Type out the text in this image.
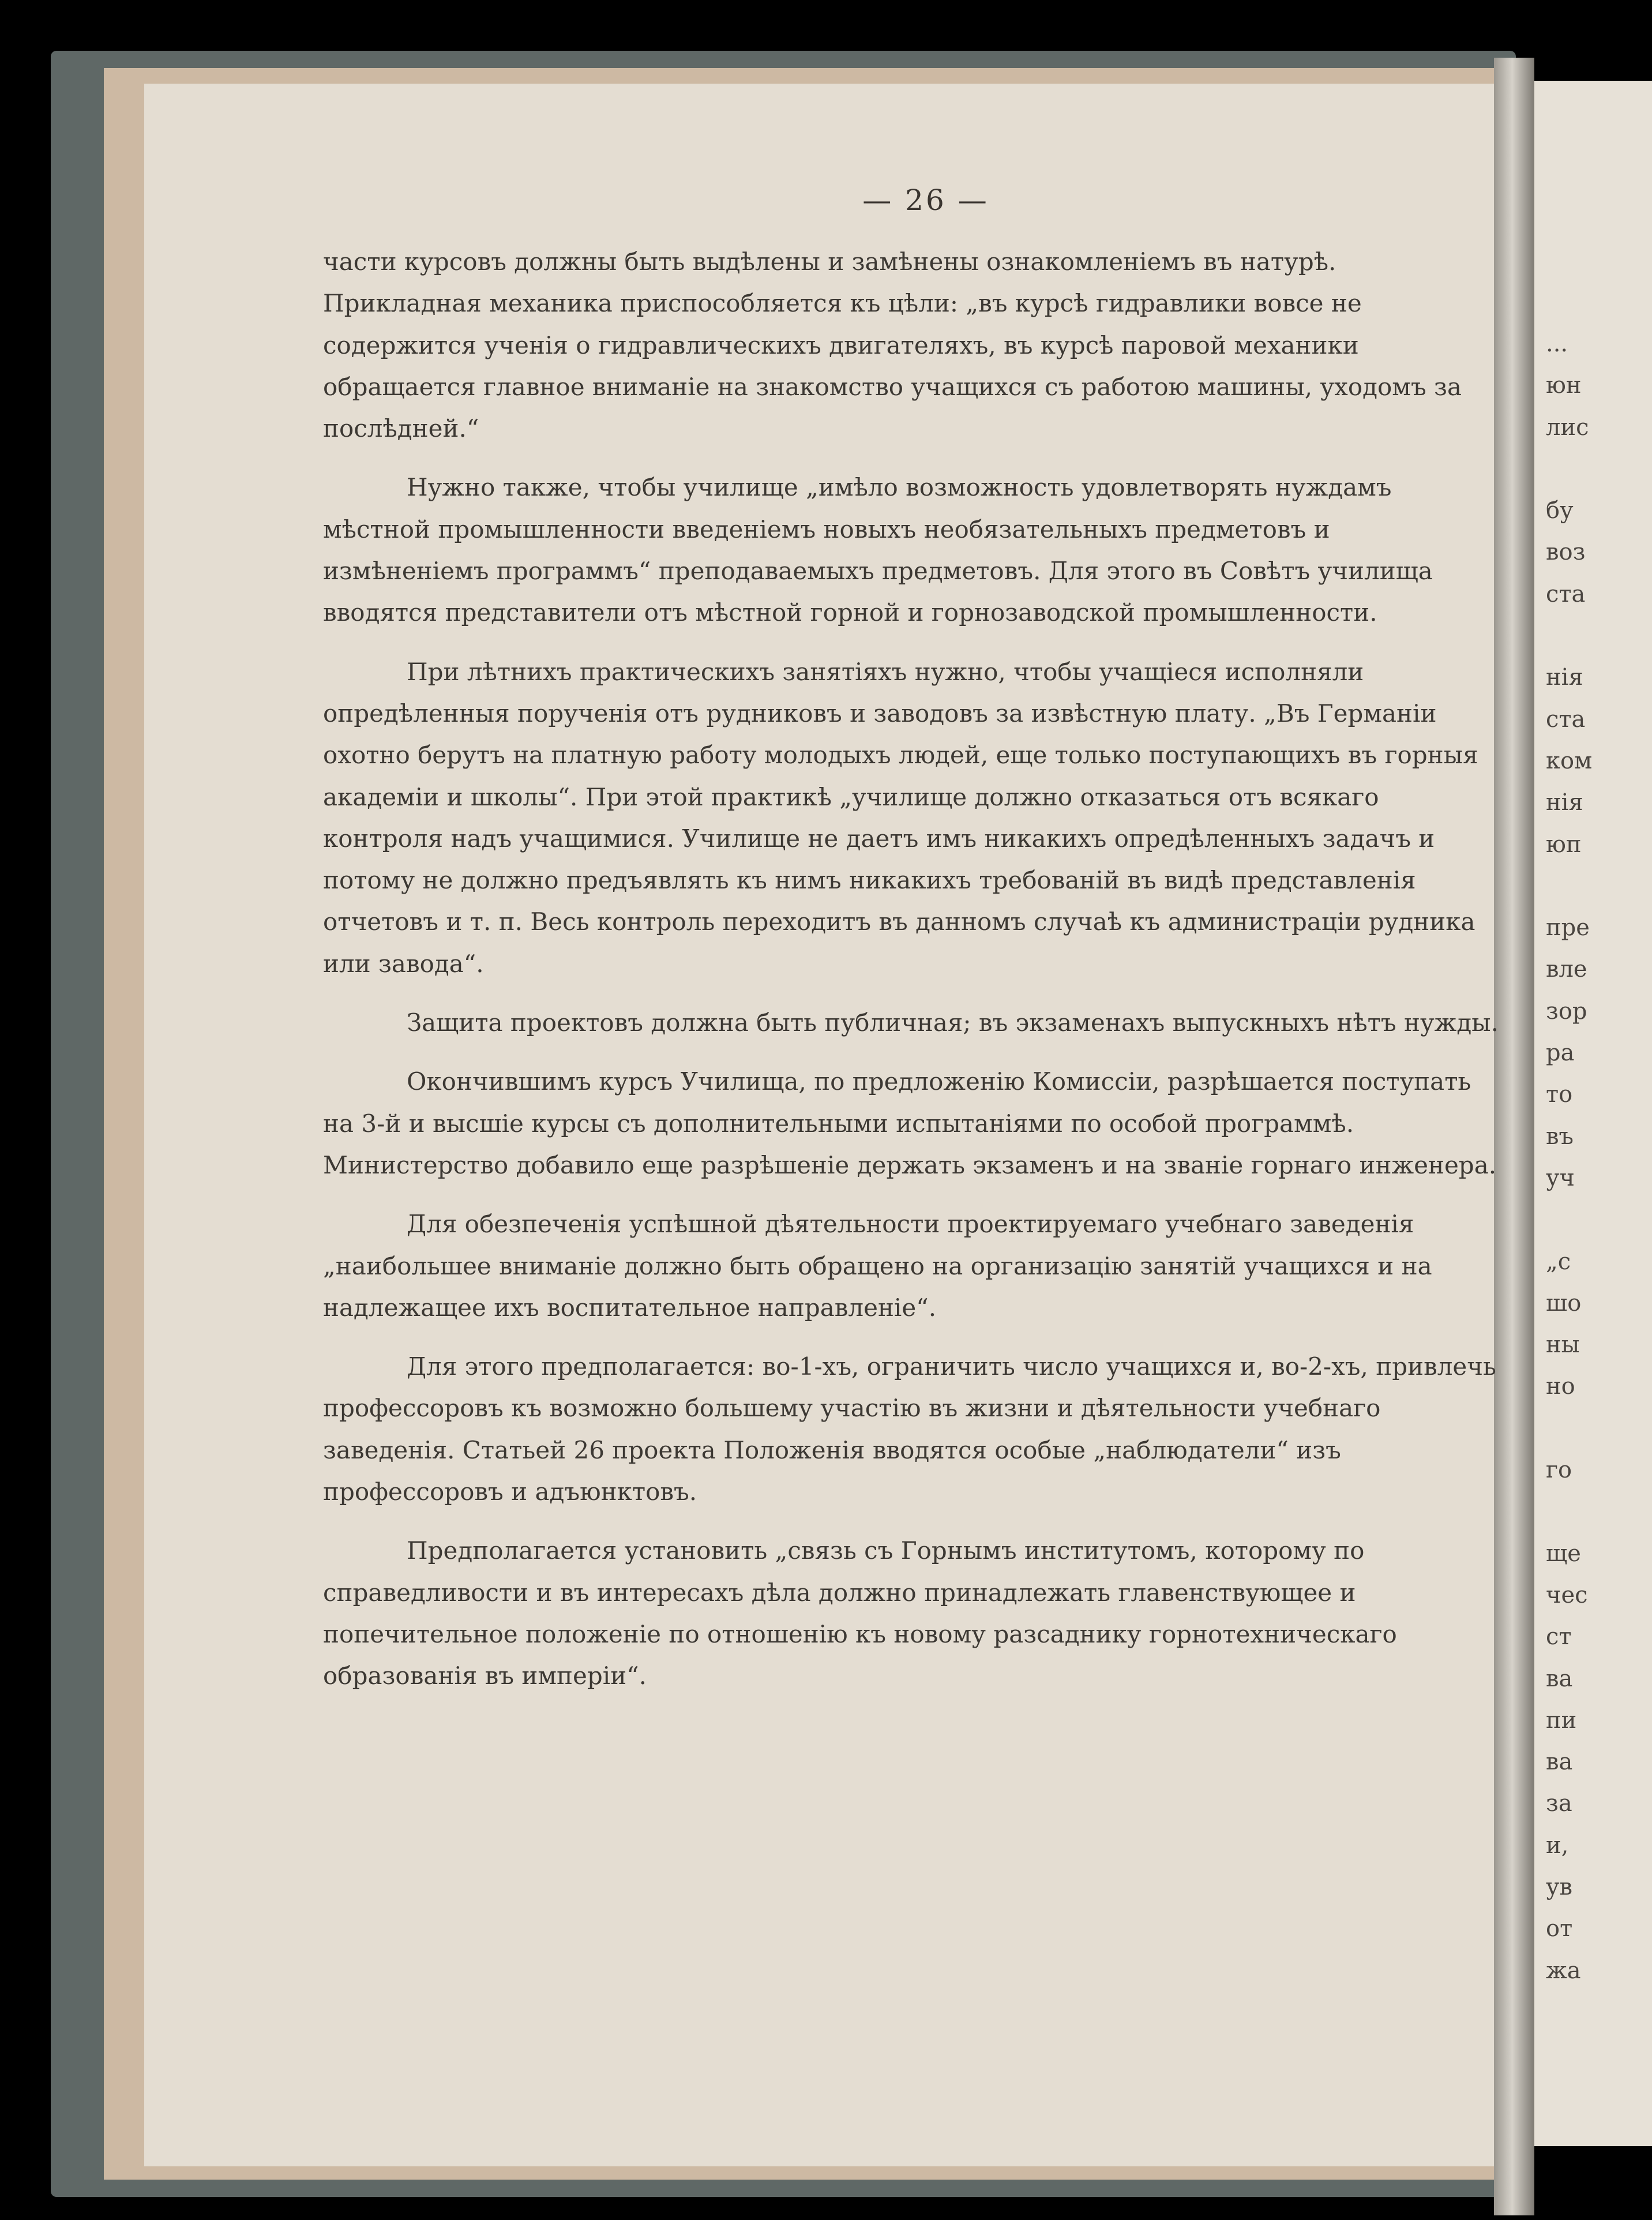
...
юн
лис
бу
воз
ста
нія
ста
ком
нія
юп
пре
вле
зор
ра
то
въ
уч
„с
шо
ны
но
го
ще
чес
ст
ва
пи
ва
за
и,
ув
от
жа
— 26 —

части курсовъ должны быть выдѣлены и замѣнены ознакомленіемъ въ натурѣ. Прикладная механика приспособляется къ цѣли: „въ курсѣ гидравлики вовсе не содержится ученія о гидравлическихъ двигателяхъ, въ курсѣ паровой механики обращается главное вниманіе на знакомство учащихся съ работою машины, уходомъ за послѣдней.“

Нужно также, чтобы училище „имѣло возможность удовлетворять нуждамъ мѣстной промышленности введеніемъ новыхъ необязательныхъ предметовъ и измѣненіемъ программъ“ преподаваемыхъ предметовъ. Для этого въ Совѣтъ училища вводятся представители отъ мѣстной горной и горнозаводской промышленности.

При лѣтнихъ практическихъ занятіяхъ нужно, чтобы учащіеся исполняли опредѣленныя порученія отъ рудниковъ и заводовъ за извѣстную плату. „Въ Германіи охотно берутъ на платную работу молодыхъ людей, еще только поступающихъ въ горныя академіи и школы“. При этой практикѣ „училище должно отказаться отъ всякаго контроля надъ учащимися. Училище не даетъ имъ никакихъ опредѣленныхъ задачъ и потому не должно предъявлять къ нимъ никакихъ требованій въ видѣ представленія отчетовъ и т. п. Весь контроль переходитъ въ данномъ случаѣ къ администраціи рудника или завода“.

Защита проектовъ должна быть публичная; въ экзаменахъ выпускныхъ нѣтъ нужды.

Окончившимъ курсъ Училища, по предложенію Комиссіи, разрѣшается поступать на 3-й и высшіе курсы съ дополнительными испытаніями по особой программѣ. Министерство добавило еще разрѣшеніе держать экзаменъ и на званіе горнаго инженера.

Для обезпеченія успѣшной дѣятельности проектируемаго учебнаго заведенія „наибольшее вниманіе должно быть обращено на организацію занятій учащихся и на надлежащее ихъ воспитательное направленіе“.

Для этого предполагается: во-1-хъ, ограничить число учащихся и, во-2-хъ, привлечь профессоровъ къ возможно большему участію въ жизни и дѣятельности учебнаго заведенія. Статьей 26 проекта Положенія вводятся особые „наблюдатели“ изъ профессоровъ и адъюнктовъ.

Предполагается установить „связь съ Горнымъ институтомъ, которому по справедливости и въ интересахъ дѣла должно принадлежать главенствующее и попечительное положеніе по отношенію къ новому разсаднику горнотехническаго образованія въ имперіи“.
